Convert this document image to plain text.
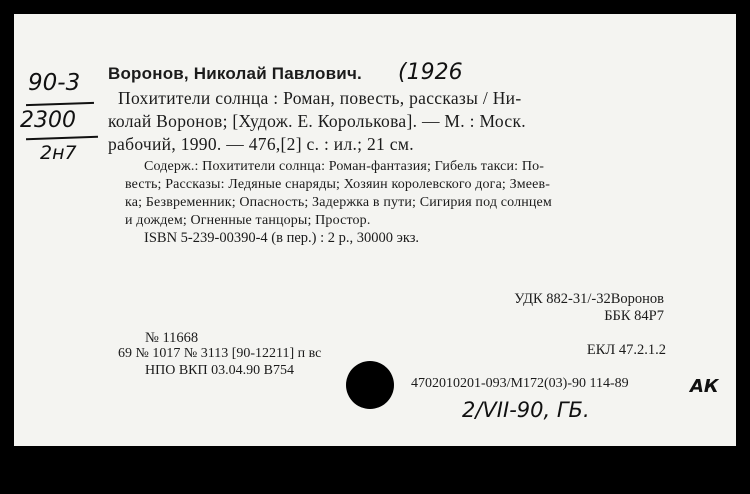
90-3
2300
2н7
Воронов, Николай Павлович. (1926
Похитители солнца : Роман, повесть, рассказы / Ни-
колай Воронов; [Худож. Е. Королькова]. — М. : Моск.
рабочий, 1990. — 476,[2] с. : ил.; 21 см.
Содерж.: Похитители солнца: Роман-фантазия; Гибель такси: По-
весть; Рассказы: Ледяные снаряды; Хозяин королевского дога; Змеев-
ка; Безвременник; Опасность; Задержка в пути; Сигирия под солнцем
и дождем; Огненные танцоры; Простор.
ISBN 5-239-00390-4 (в пер.) : 2 р., 30000 экз.
УДК 882-31/-32Воронов
ББК 84Р7
№ 11668
ЕКЛ 47.2.1.2
69 № 1017 № 3113 [90-12211] п вс
НПО ВКП 03.04.90 В754
4702010201-093/М172(03)-90 114-89	АК
2/VII-90, ГБ.
